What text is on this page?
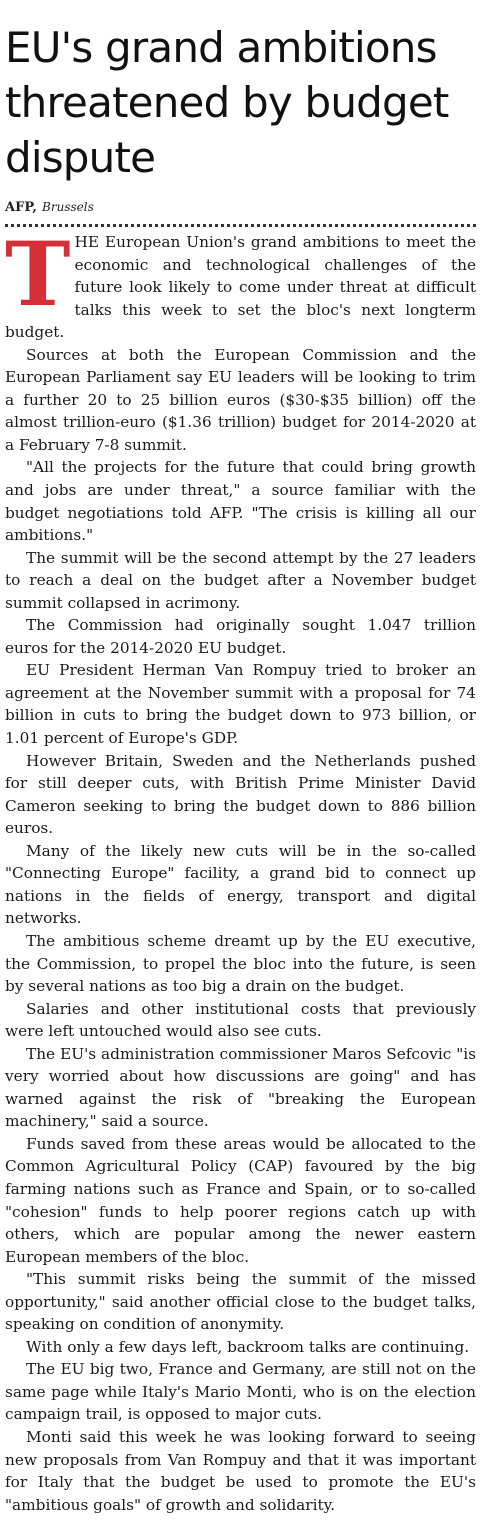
EU's grand ambitions threatened by budget dispute
AFP, Brussels

THE European Union's grand ambitions to meet the economic and technological challenges of the future look likely to come under threat at difficult talks this week to set the bloc's next longterm budget.

Sources at both the European Commission and the European Parliament say EU leaders will be looking to trim a further 20 to 25 billion euros ($30-$35 billion) off the almost trillion-euro ($1.36 trillion) budget for 2014-2020 at a February 7-8 summit.

"All the projects for the future that could bring growth and jobs are under threat," a source familiar with the budget negotiations told AFP. "The crisis is killing all our ambitions."

The summit will be the second attempt by the 27 leaders to reach a deal on the budget after a November budget summit collapsed in acrimony.

The Commission had originally sought 1.047 trillion euros for the 2014-2020 EU budget.

EU President Herman Van Rompuy tried to broker an agreement at the November summit with a proposal for 74 billion in cuts to bring the budget down to 973 billion, or 1.01 percent of Europe's GDP.

However Britain, Sweden and the Netherlands pushed for still deeper cuts, with British Prime Minister David Cameron seeking to bring the budget down to 886 billion euros.

Many of the likely new cuts will be in the so-called "Connecting Europe" facility, a grand bid to connect up nations in the fields of energy, transport and digital networks.

The ambitious scheme dreamt up by the EU executive, the Commission, to propel the bloc into the future, is seen by several nations as too big a drain on the budget.

Salaries and other institutional costs that previously were left untouched would also see cuts.

The EU's administration commissioner Maros Sefcovic "is very worried about how discussions are going" and has warned against the risk of "breaking the European machinery," said a source.

Funds saved from these areas would be allocated to the Common Agricultural Policy (CAP) favoured by the big farming nations such as France and Spain, or to so-called "cohesion" funds to help poorer regions catch up with others, which are popular among the newer eastern European members of the bloc.

"This summit risks being the summit of the missed opportunity," said another official close to the budget talks, speaking on condition of anonymity.

With only a few days left, backroom talks are continuing.

The EU big two, France and Germany, are still not on the same page while Italy's Mario Monti, who is on the election campaign trail, is opposed to major cuts.

Monti said this week he was looking forward to seeing new proposals from Van Rompuy and that it was important for Italy that the budget be used to promote the EU's "ambitious goals" of growth and solidarity.
